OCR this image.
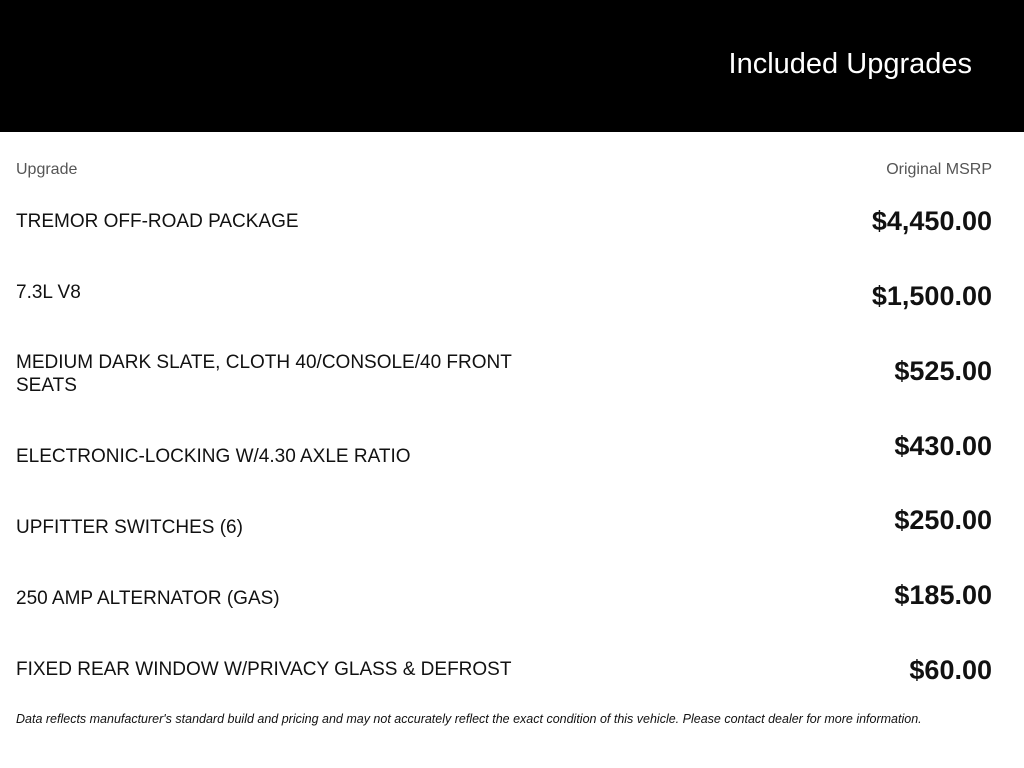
Included Upgrades
Upgrade	Original MSRP
TREMOR OFF-ROAD PACKAGE	$4,450.00
7.3L V8	$1,500.00
MEDIUM DARK SLATE, CLOTH 40/CONSOLE/40 FRONT SEATS	$525.00
ELECTRONIC-LOCKING W/4.30 AXLE RATIO	$430.00
UPFITTER SWITCHES (6)	$250.00
250 AMP ALTERNATOR (GAS)	$185.00
FIXED REAR WINDOW W/PRIVACY GLASS & DEFROST	$60.00
Data reflects manufacturer's standard build and pricing and may not accurately reflect the exact condition of this vehicle. Please contact dealer for more information.
